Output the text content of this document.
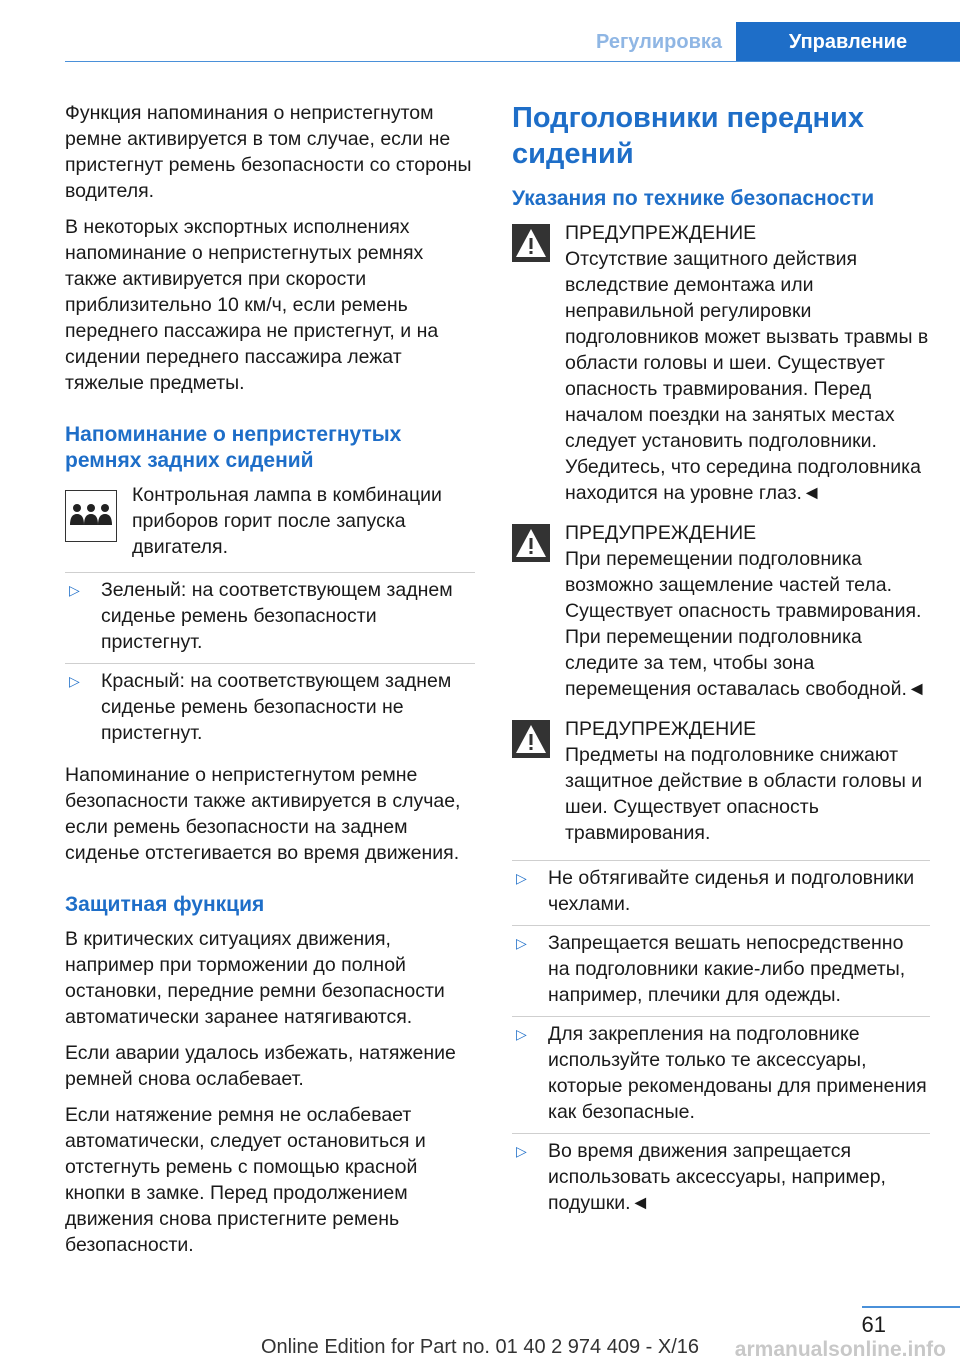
Регулировка	Управление

Функция напоминания о непристегнутом ремне активируется в том случае, если не пристегнут ремень безопасности со стороны водителя.

В некоторых экспортных исполнениях напоминание о непристегнутых ремнях также активируется при скорости приблизительно 10 км/ч, если ремень переднего пассажира не пристегнут, и на сидении переднего пассажира лежат тяжелые предметы.

Напоминание о непристегнутых ремнях задних сидений
Контрольная лампа в комбинации приборов горит после запуска двигателя.
▷ Зеленый: на соответствующем заднем сиденье ремень безопасности пристегнут.
▷ Красный: на соответствующем заднем сиденье ремень безопасности не пристегнут.

Напоминание о непристегнутом ремне безопасности также активируется в случае, если ремень безопасности на заднем сиденье отстегивается во время движения.

Защитная функция

В критических ситуациях движения, например при торможении до полной остановки, передние ремни безопасности автоматически заранее натягиваются.

Если аварии удалось избежать, натяжение ремней снова ослабевает.

Если натяжение ремня не ослабевает автоматически, следует остановиться и отстегнуть ремень с помощью красной кнопки в замке. Перед продолжением движения снова пристегните ремень безопасности.

Подголовники передних сидений
Указания по технике безопасности
ПРЕДУПРЕЖДЕНИЕ
Отсутствие защитного действия вследствие демонтажа или неправильной регулировки подголовников может вызвать травмы в области головы и шеи. Существует опасность травмирования. Перед началом поездки на занятых местах следует установить подголовники. Убедитесь, что середина подголовника находится на уровне глаз.◄
ПРЕДУПРЕЖДЕНИЕ
При перемещении подголовника возможно защемление частей тела. Существует опасность травмирования. При перемещении подголовника следите за тем, чтобы зона перемещения оставалась свободной.◄
ПРЕДУПРЕЖДЕНИЕ
Предметы на подголовнике снижают защитное действие в области головы и шеи. Существует опасность травмирования.
▷ Не обтягивайте сиденья и подголовники чехлами.
▷ Запрещается вешать непосредственно на подголовники какие-либо предметы, например, плечики для одежды.
▷ Для закрепления на подголовнике используйте только те аксессуары, которые рекомендованы для применения как безопасные.
▷ Во время движения запрещается использовать аксессуары, например, подушки.◄
61
Online Edition for Part no. 01 40 2 974 409 - X/16	armanualsonline.info
